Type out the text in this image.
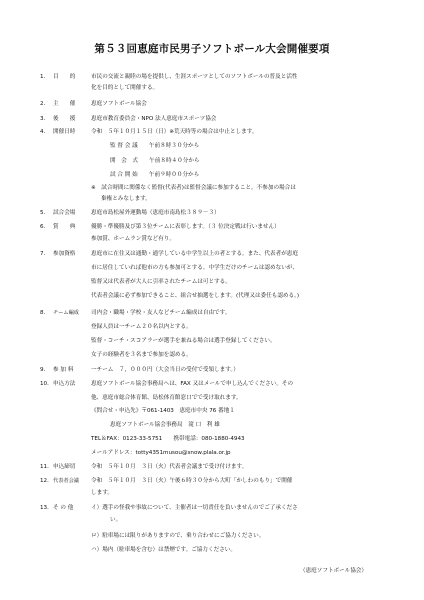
第５３回恵庭市民男子ソフトボール大会開催要項
1． 目　　的	市民の交流と親睦の場を提供し、生涯スポーツとしてのソフトボールの普及と活性
化を目的として開催する。
2． 主　　催	恵庭ソフトボール協会
3． 後　　援	恵庭市教育委員会・NPO 法人恵庭市スポーツ協会
4． 開催日時	令和　５年１０月１５日（日）※荒天時等の場合は中止とします。
監 督 会 議　　午前８時３０分から
開　会　式　　午前８時４０分から
試 合 開 始　　午前９時００分から
※　試合時間に関係なく監督(代表者)は監督会議に参加すること。不参加の場合は
棄権とみなします。
5． 試合会場	恵庭市島松屋外運動場（恵庭市南島松３８９－３）
6． 賞　　典	優勝・準優勝及び第３位チームに表彰します。（３ 位決定戦は行いません）
参加賞、ホームラン賞など有り。
7． 参加資格	恵庭市に在住又は通勤・通学している中学生以上の者とする。また、代表者が恵庭
市に居住していれば他市の方も参加可とする。中学生だけのチームは認めないが、
監督又は代表者が大人に引率されたチームは可とする。
代表者会議に必ず参加できること、組合せ抽選をします。(代理又は委任も認める。)
8． チーム編成 司内会・職場・学校・友人などチーム編成は自由です。
登録人員は一チーム２０名以内とする。
監督・コーチ・スコアラーが選手を兼ねる場合は選手登録してください。
女子の経験者を３名まで参加を認める。
9． 参 加 料	一チーム　７，０００円（大会当日の受付で受領します。）
10． 申込方法	恵庭ソフトボール協会事務局へは、FAX 又はメールで申し込んでください。その
他、恵庭市総合体育館、島松体育館窓口でで受け取れます。
《問合せ・申込先》〒061-1403　恵庭市中央 76 番地１
恵庭ソフトボール協会事務局　滝 口　利 雄
TEL＆FAX：0123-33-5751　　携帯電話：080-1880-4943
メールアドレス：totty4351musou@snow.plala.or.jp
11． 申込締切	令和　５年１０月　３日（火）代表者会議まで受け付けます。
12． 代表者会議 令和　５年１０月　３日（火）午後６時３０分から大町「かしわのもり」で開催
します。
13． そ の 他	イ）選手の怪我や事故について、主催者は一切責任を負いませんのでご了承くださ
い。
ロ）駐車場には限りがありますので、乗り合わせにご協力ください。
ハ）場内（駐車場を含む）は禁煙です。ご協力ください。
（恵庭ソフトボール協会）
